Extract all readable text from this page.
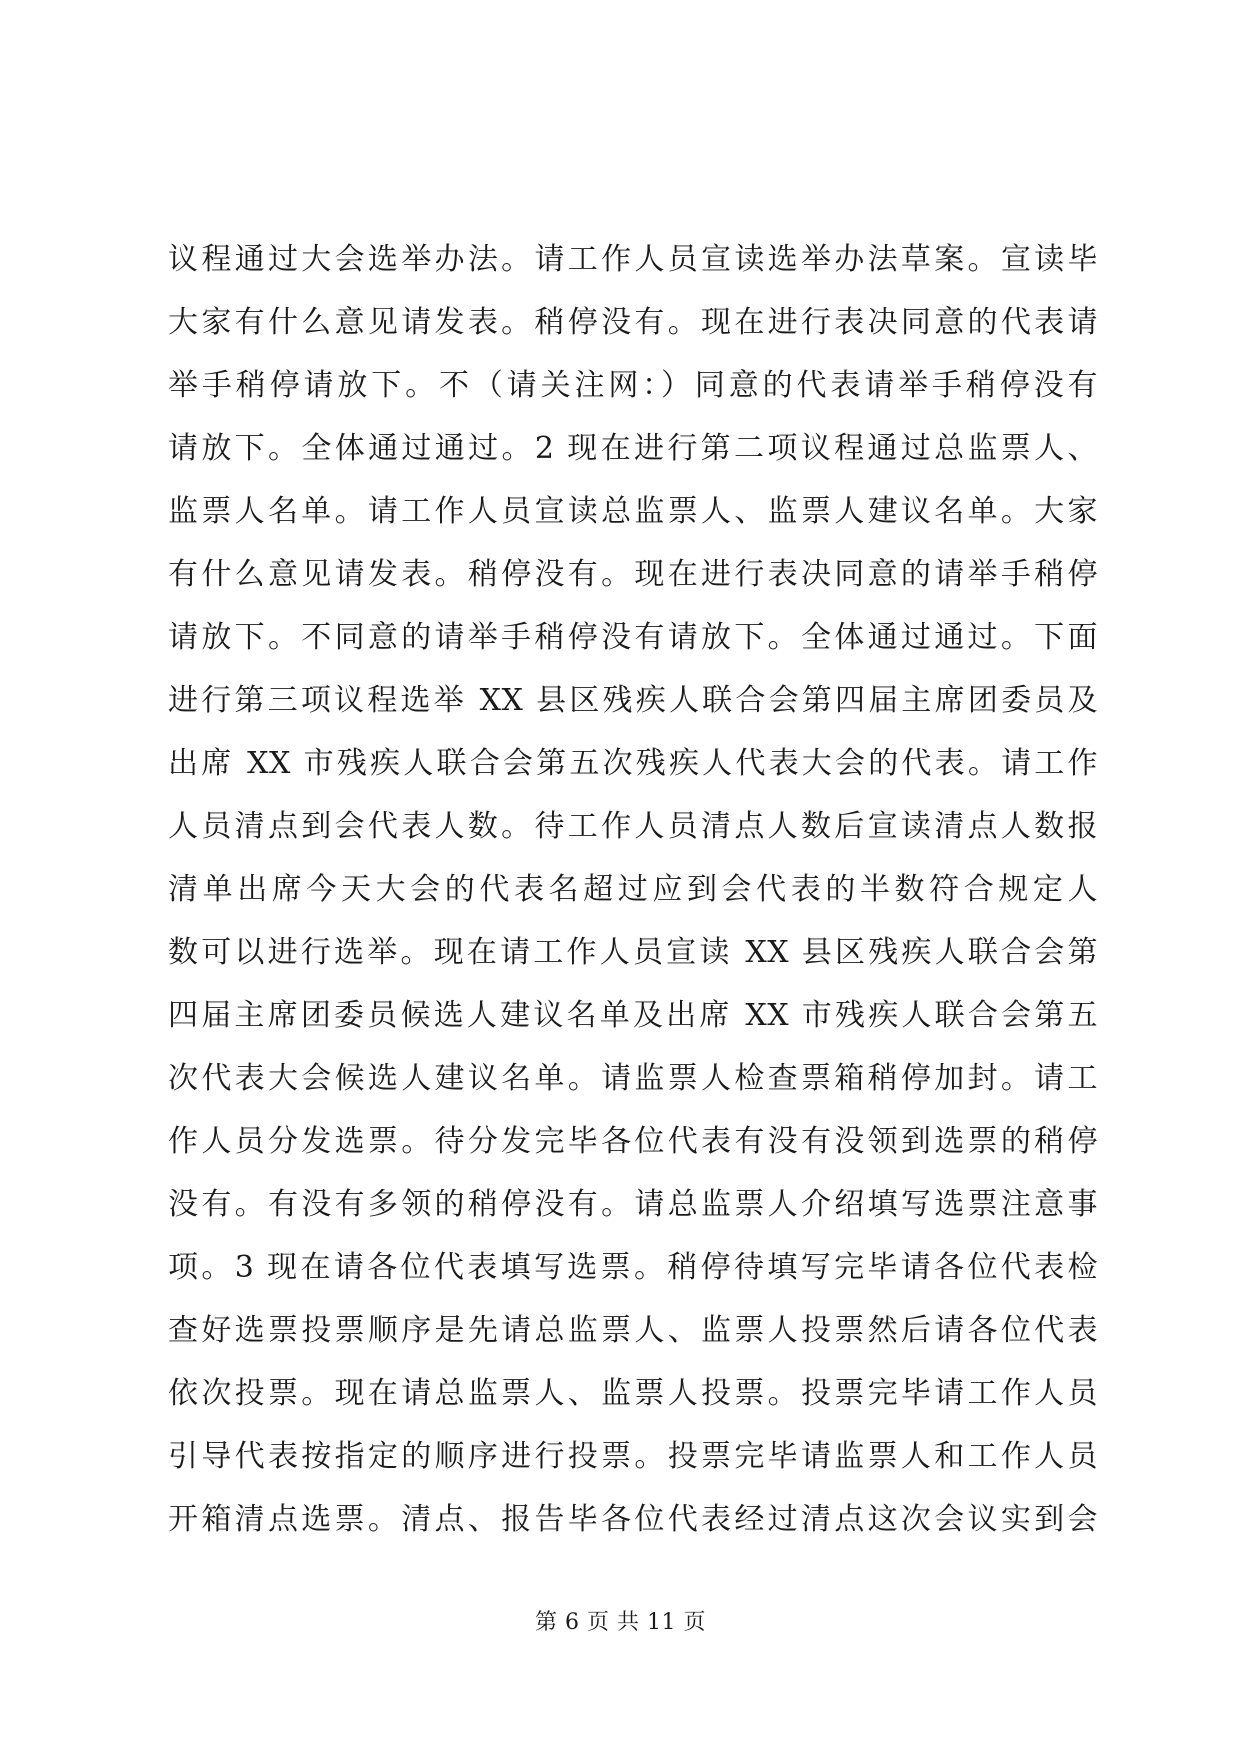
议程通过大会选举办法。请工作人员宣读选举办法草案。宣读毕
大家有什么意见请发表。稍停没有。现在进行表决同意的代表请
举手稍停请放下。不（请关注网：）同意的代表请举手稍停没有
请放下。全体通过通过。2 现在进行第二项议程通过总监票人、
监票人名单。请工作人员宣读总监票人、监票人建议名单。大家
有什么意见请发表。稍停没有。现在进行表决同意的请举手稍停
请放下。不同意的请举手稍停没有请放下。全体通过通过。下面
进行第三项议程选举 XX 县区残疾人联合会第四届主席团委员及
出席 XX 市残疾人联合会第五次残疾人代表大会的代表。请工作
人员清点到会代表人数。待工作人员清点人数后宣读清点人数报
清单出席今天大会的代表名超过应到会代表的半数符合规定人
数可以进行选举。现在请工作人员宣读 XX 县区残疾人联合会第
四届主席团委员候选人建议名单及出席 XX 市残疾人联合会第五
次代表大会候选人建议名单。请监票人检查票箱稍停加封。请工
作人员分发选票。待分发完毕各位代表有没有没领到选票的稍停
没有。有没有多领的稍停没有。请总监票人介绍填写选票注意事
项。3 现在请各位代表填写选票。稍停待填写完毕请各位代表检
查好选票投票顺序是先请总监票人、监票人投票然后请各位代表
依次投票。现在请总监票人、监票人投票。投票完毕请工作人员
引导代表按指定的顺序进行投票。投票完毕请监票人和工作人员
开箱清点选票。清点、报告毕各位代表经过清点这次会议实到会
第 6 页 共 11 页
